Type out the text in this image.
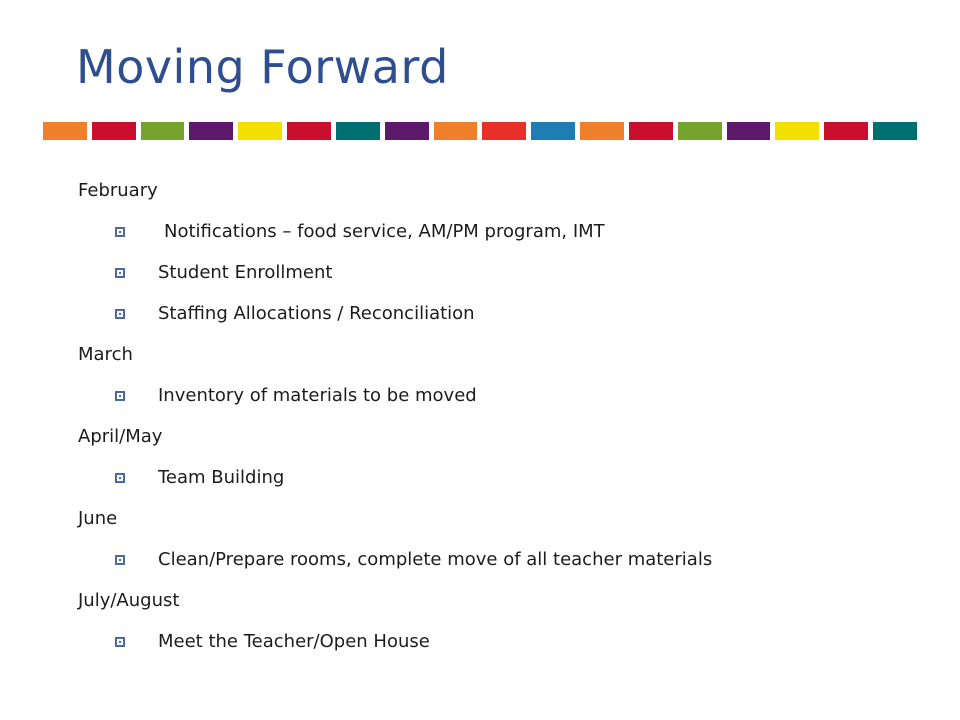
Moving Forward
February
Notifications – food service, AM/PM program, IMT
Student Enrollment
Staffing Allocations / Reconciliation
March
Inventory of materials to be moved
April/May
Team Building
June
Clean/Prepare rooms, complete move of all teacher materials
July/August
Meet the Teacher/Open House
